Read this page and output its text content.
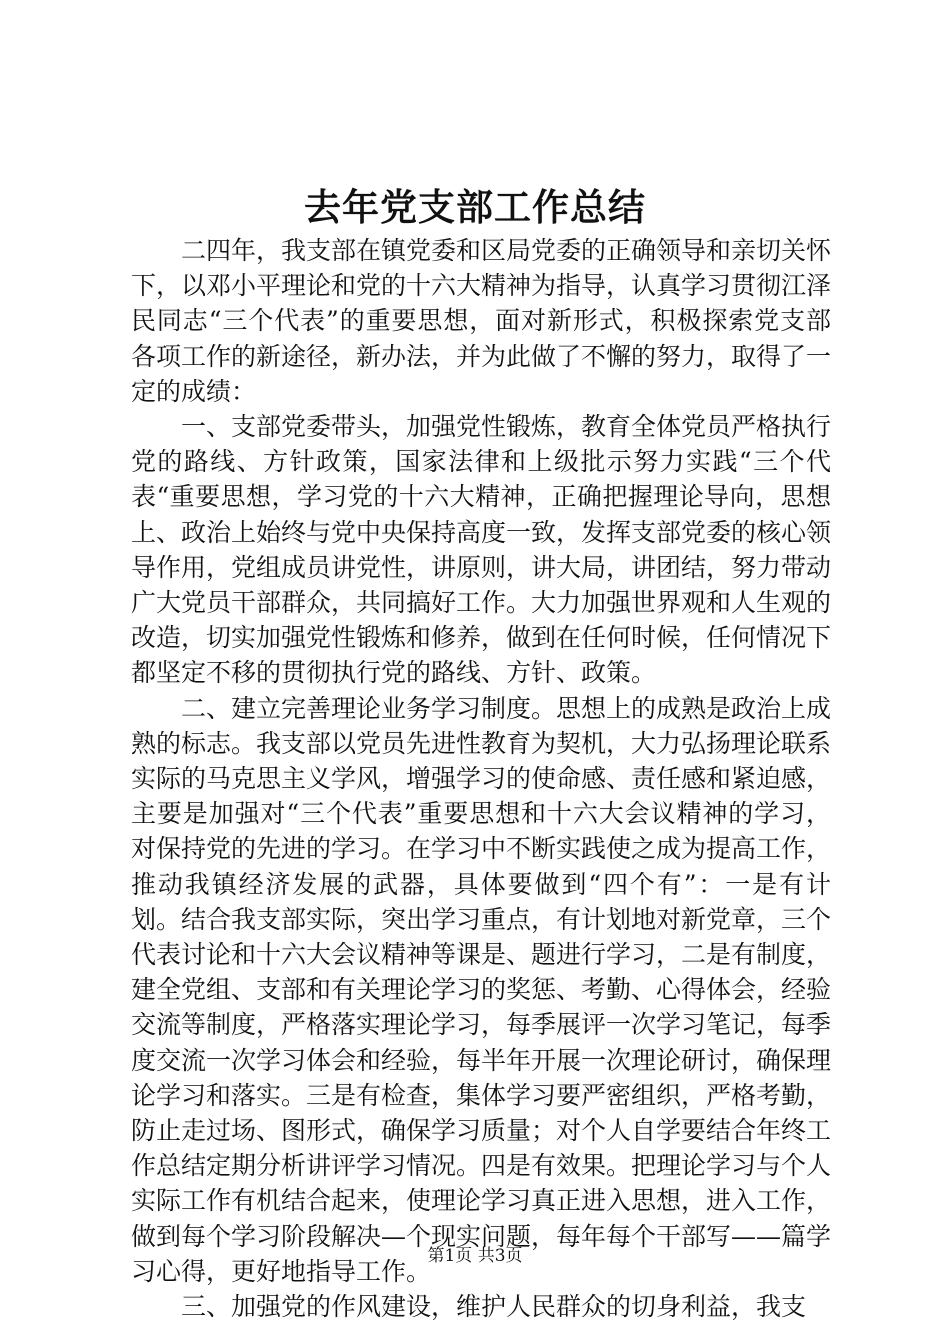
去年党支部工作总结

二四年，我支部在镇党委和区局党委的正确领导和亲切关怀下，以邓小平理论和党的十六大精神为指导，认真学习贯彻江泽民同志“三个代表”的重要思想，面对新形式，积极探索党支部各项工作的新途径，新办法，并为此做了不懈的努力，取得了一定的成绩：

一、支部党委带头，加强党性锻炼，教育全体党员严格执行党的路线、方针政策，国家法律和上级批示努力实践“三个代表“重要思想，学习党的十六大精神，正确把握理论导向，思想上、政治上始终与党中央保持高度一致，发挥支部党委的核心领导作用，党组成员讲党性，讲原则，讲大局，讲团结，努力带动广大党员干部群众，共同搞好工作。大力加强世界观和人生观的改造，切实加强党性锻炼和修养，做到在任何时候，任何情况下都坚定不移的贯彻执行党的路线、方针、政策。

二、建立完善理论业务学习制度。思想上的成熟是政治上成熟的标志。我支部以党员先进性教育为契机，大力弘扬理论联系实际的马克思主义学风，增强学习的使命感、责任感和紧迫感，主要是加强对“三个代表”重要思想和十六大会议精神的学习，对保持党的先进的学习。在学习中不断实践使之成为提高工作，推动我镇经济发展的武器，具体要做到“四个有”：一是有计划。结合我支部实际，突出学习重点，有计划地对新党章，三个代表讨论和十六大会议精神等课是、题进行学习，二是有制度，建全党组、支部和有关理论学习的奖惩、考勤、心得体会，经验交流等制度，严格落实理论学习，每季展评一次学习笔记，每季度交流一次学习体会和经验，每半年开展一次理论研讨，确保理论学习和落实。三是有检查，集体学习要严密组织，严格考勤，防止走过场、图形式，确保学习质量；对个人自学要结合年终工作总结定期分析讲评学习情况。四是有效果。把理论学习与个人实际工作有机结合起来，使理论学习真正进入思想，进入工作，做到每个学习阶段解决—个现实问题，每年每个干部写——篇学习心得，更好地指导工作。

三、加强党的作风建设，维护人民群众的切身利益，我支

第1页 共3页
